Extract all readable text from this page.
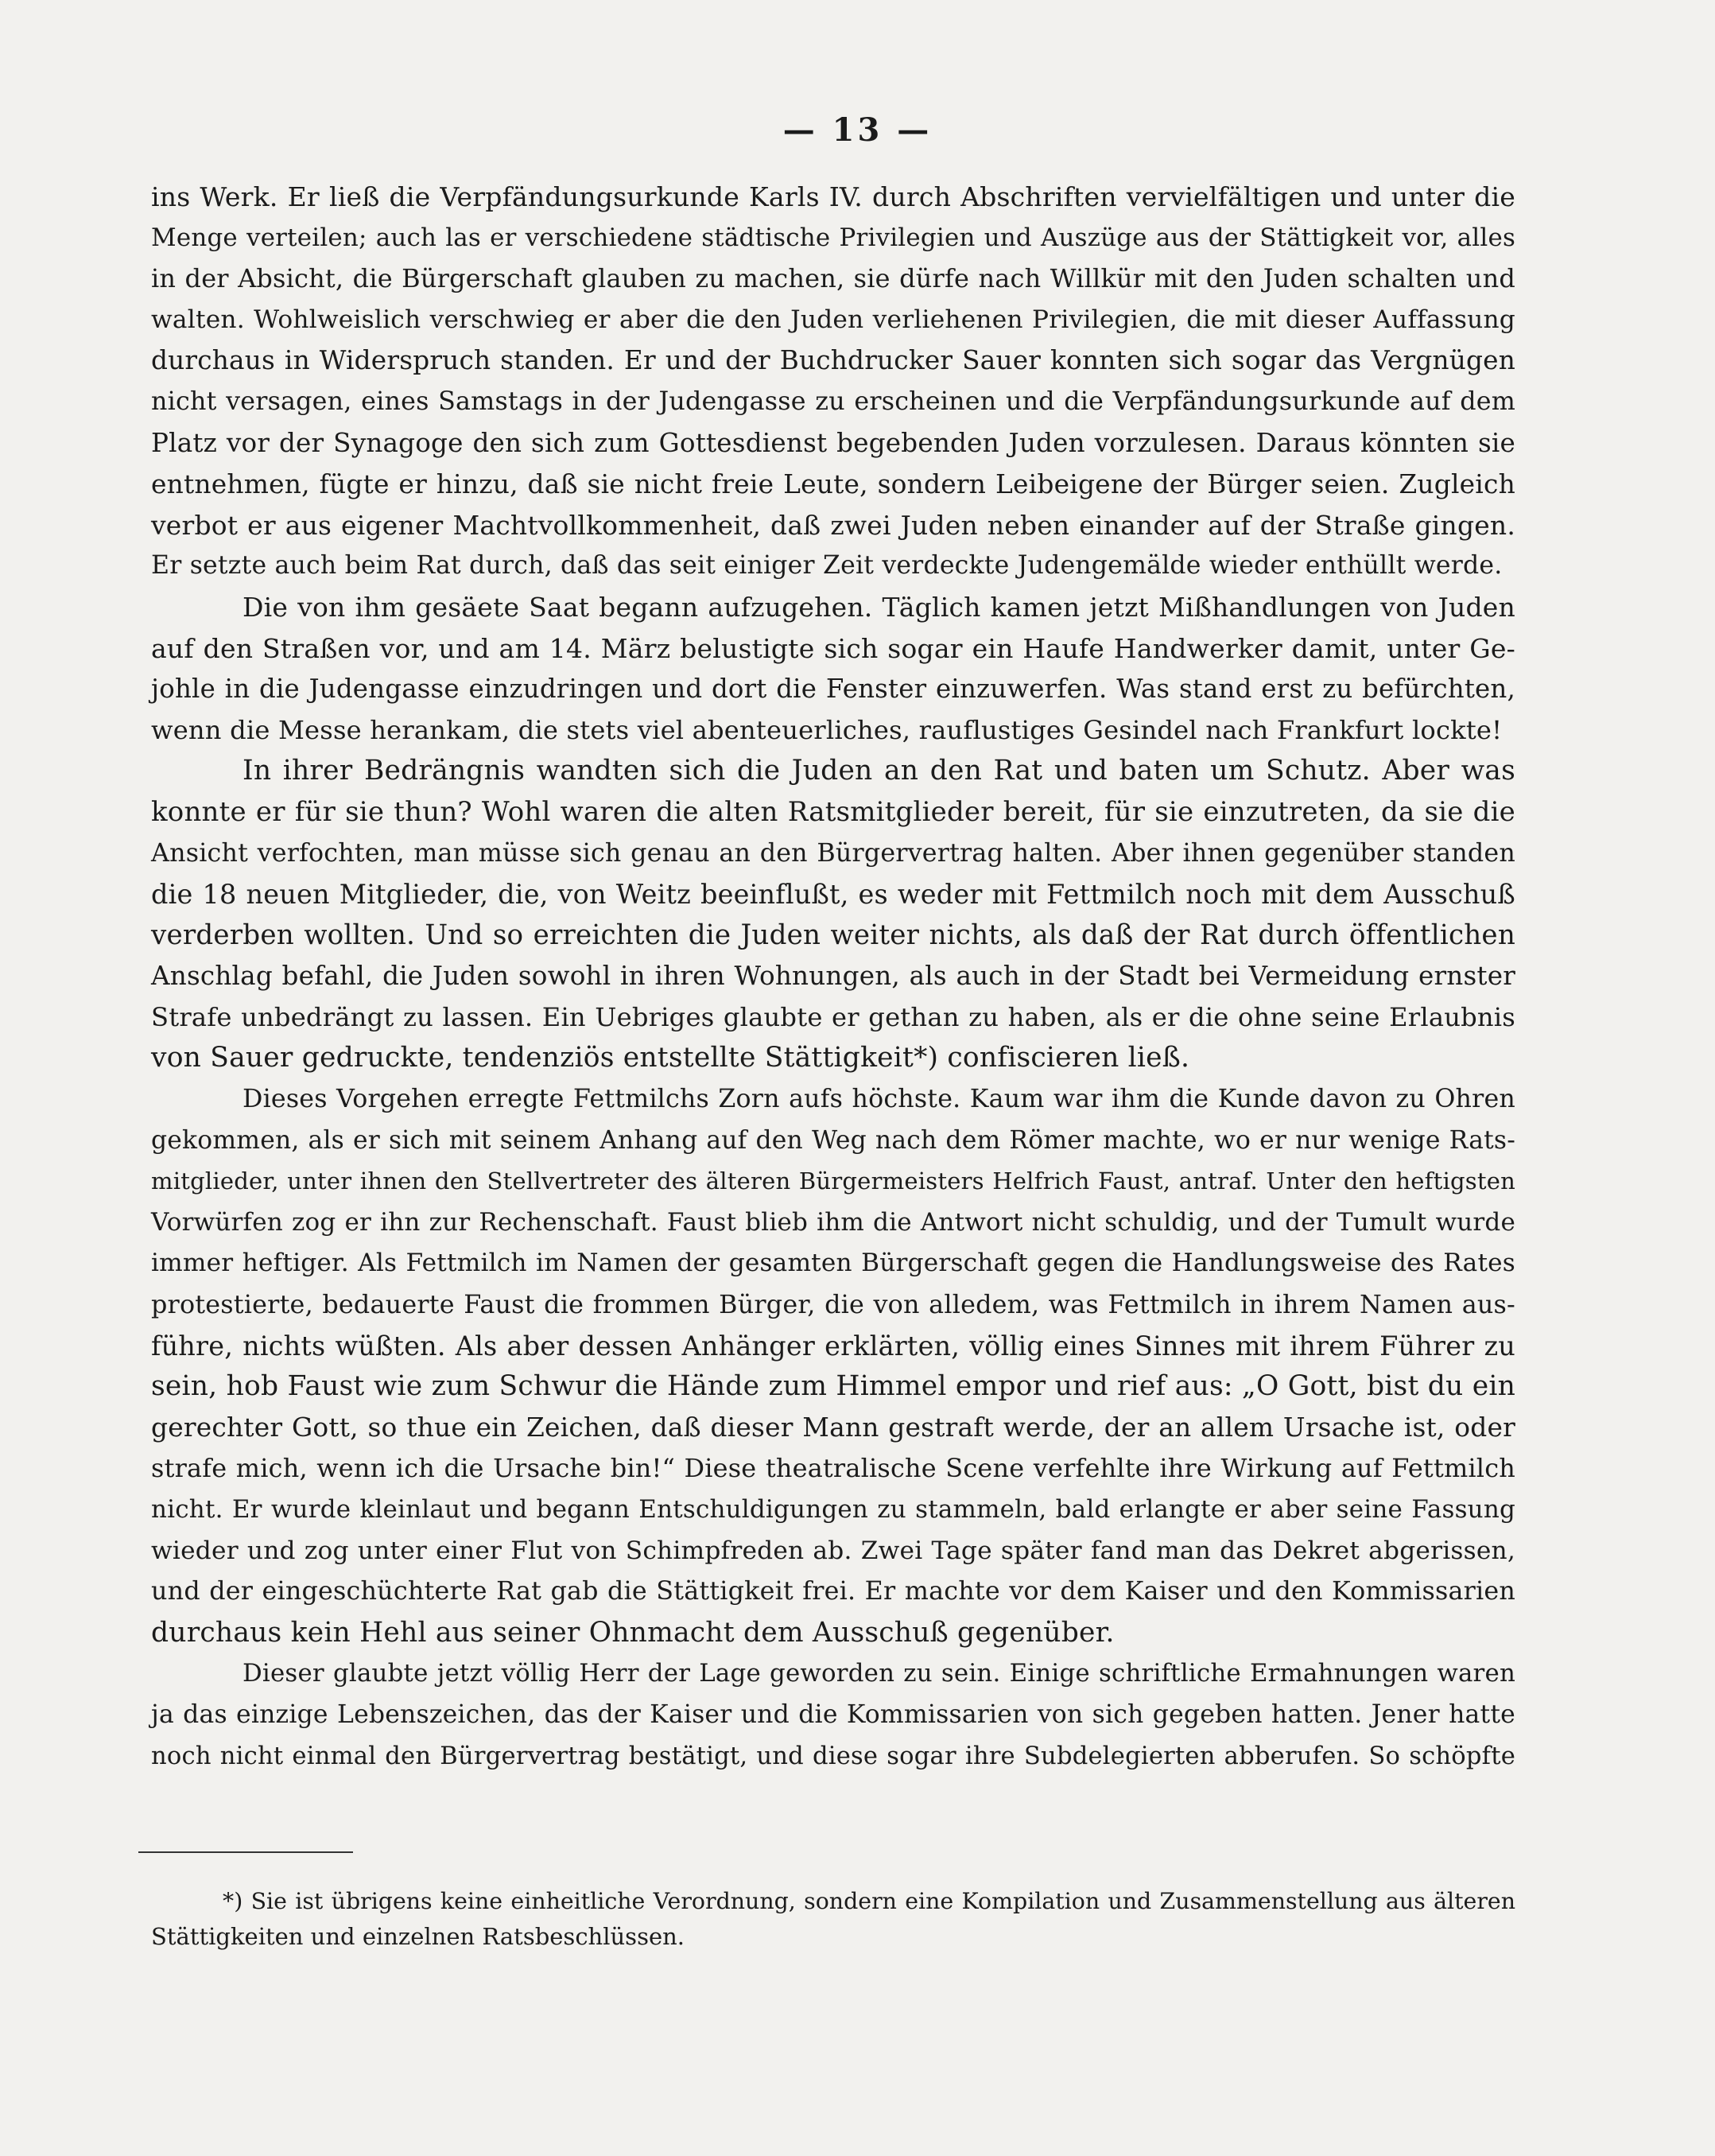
— 13 —
ins Werk. Er ließ die Verpfändungsurkunde Karls IV. durch Abschriften vervielfältigen und unter die
Menge verteilen; auch las er verschiedene städtische Privilegien und Auszüge aus der Stättigkeit vor, alles
in der Absicht, die Bürgerschaft glauben zu machen, sie dürfe nach Willkür mit den Juden schalten und
walten. Wohlweislich verschwieg er aber die den Juden verliehenen Privilegien, die mit dieser Auffassung
durchaus in Widerspruch standen. Er und der Buchdrucker Sauer konnten sich sogar das Vergnügen
nicht versagen, eines Samstags in der Judengasse zu erscheinen und die Verpfändungsurkunde auf dem
Platz vor der Synagoge den sich zum Gottesdienst begebenden Juden vorzulesen. Daraus könnten sie
entnehmen, fügte er hinzu, daß sie nicht freie Leute, sondern Leibeigene der Bürger seien. Zugleich
verbot er aus eigener Machtvollkommenheit, daß zwei Juden neben einander auf der Straße gingen.
Er setzte auch beim Rat durch, daß das seit einiger Zeit verdeckte Judengemälde wieder enthüllt werde.
Die von ihm gesäete Saat begann aufzugehen. Täglich kamen jetzt Mißhandlungen von Juden
auf den Straßen vor, und am 14. März belustigte sich sogar ein Haufe Handwerker damit, unter Ge-
johle in die Judengasse einzudringen und dort die Fenster einzuwerfen. Was stand erst zu befürchten,
wenn die Messe herankam, die stets viel abenteuerliches, rauflustiges Gesindel nach Frankfurt lockte!
In ihrer Bedrängnis wandten sich die Juden an den Rat und baten um Schutz. Aber was
konnte er für sie thun? Wohl waren die alten Ratsmitglieder bereit, für sie einzutreten, da sie die
Ansicht verfochten, man müsse sich genau an den Bürgervertrag halten. Aber ihnen gegenüber standen
die 18 neuen Mitglieder, die, von Weitz beeinflußt, es weder mit Fettmilch noch mit dem Ausschuß
verderben wollten. Und so erreichten die Juden weiter nichts, als daß der Rat durch öffentlichen
Anschlag befahl, die Juden sowohl in ihren Wohnungen, als auch in der Stadt bei Vermeidung ernster
Strafe unbedrängt zu lassen. Ein Uebriges glaubte er gethan zu haben, als er die ohne seine Erlaubnis
von Sauer gedruckte, tendenziös entstellte Stättigkeit*) confiscieren ließ.
Dieses Vorgehen erregte Fettmilchs Zorn aufs höchste. Kaum war ihm die Kunde davon zu Ohren
gekommen, als er sich mit seinem Anhang auf den Weg nach dem Römer machte, wo er nur wenige Rats-
mitglieder, unter ihnen den Stellvertreter des älteren Bürgermeisters Helfrich Faust, antraf. Unter den heftigsten
Vorwürfen zog er ihn zur Rechenschaft. Faust blieb ihm die Antwort nicht schuldig, und der Tumult wurde
immer heftiger. Als Fettmilch im Namen der gesamten Bürgerschaft gegen die Handlungsweise des Rates
protestierte, bedauerte Faust die frommen Bürger, die von alledem, was Fettmilch in ihrem Namen aus-
führe, nichts wüßten. Als aber dessen Anhänger erklärten, völlig eines Sinnes mit ihrem Führer zu
sein, hob Faust wie zum Schwur die Hände zum Himmel empor und rief aus: „O Gott, bist du ein
gerechter Gott, so thue ein Zeichen, daß dieser Mann gestraft werde, der an allem Ursache ist, oder
strafe mich, wenn ich die Ursache bin!“ Diese theatralische Scene verfehlte ihre Wirkung auf Fettmilch
nicht. Er wurde kleinlaut und begann Entschuldigungen zu stammeln, bald erlangte er aber seine Fassung
wieder und zog unter einer Flut von Schimpfreden ab. Zwei Tage später fand man das Dekret abgerissen,
und der eingeschüchterte Rat gab die Stättigkeit frei. Er machte vor dem Kaiser und den Kommissarien
durchaus kein Hehl aus seiner Ohnmacht dem Ausschuß gegenüber.
Dieser glaubte jetzt völlig Herr der Lage geworden zu sein. Einige schriftliche Ermahnungen waren
ja das einzige Lebenszeichen, das der Kaiser und die Kommissarien von sich gegeben hatten. Jener hatte
noch nicht einmal den Bürgervertrag bestätigt, und diese sogar ihre Subdelegierten abberufen. So schöpfte
*) Sie ist übrigens keine einheitliche Verordnung, sondern eine Kompilation und Zusammenstellung aus älteren
Stättigkeiten und einzelnen Ratsbeschlüssen.
